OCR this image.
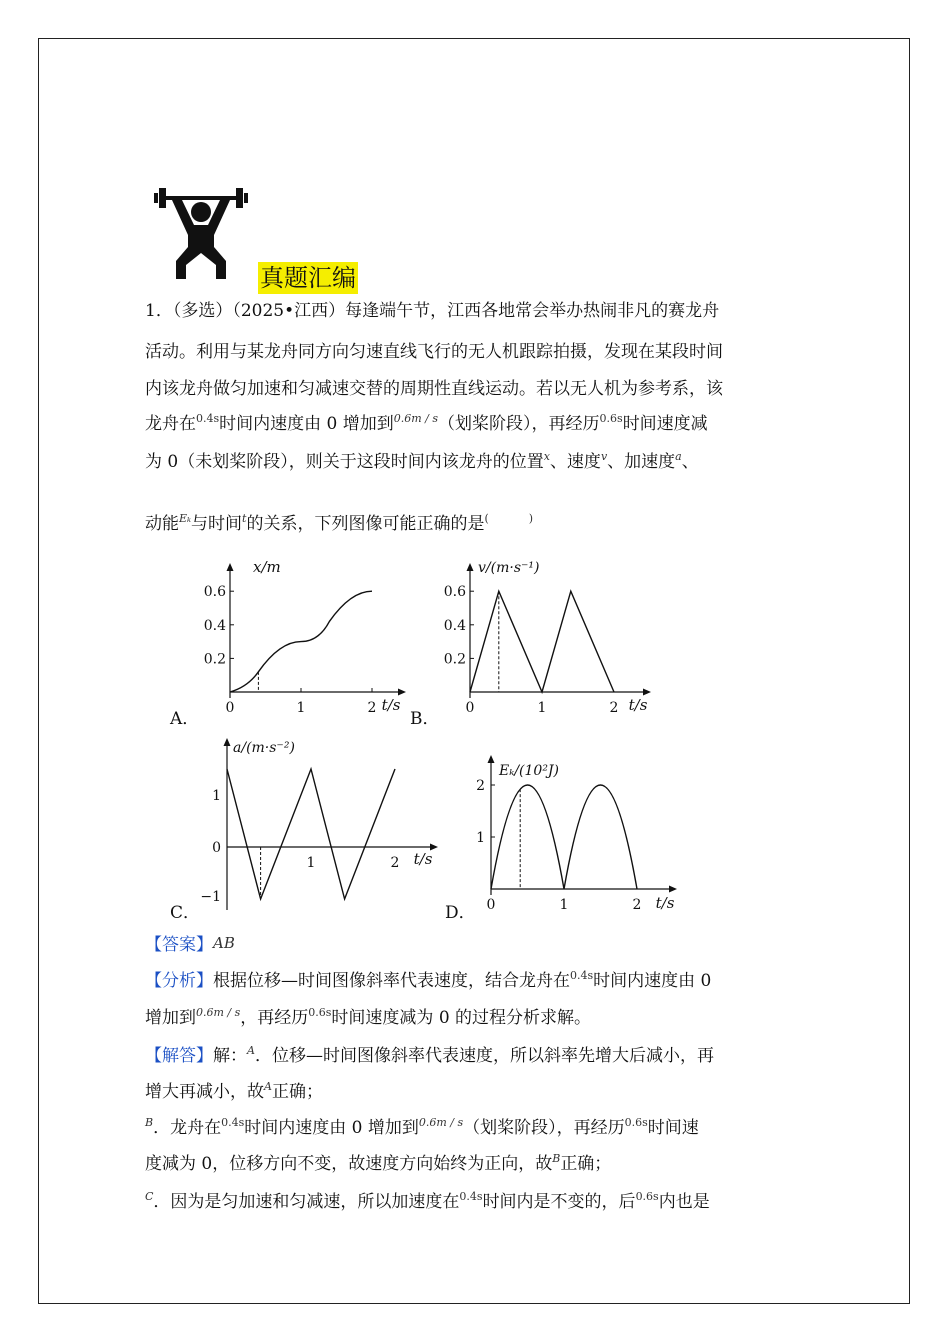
真题汇编
1．（多选）（2025•江西）每逢端午节，江西各地常会举办热闹非凡的赛龙舟
活动。利用与某龙舟同方向匀速直线飞行的无人机跟踪拍摄，发现在某段时间
内该龙舟做匀加速和匀减速交替的周期性直线运动。若以无人机为参考系，该
龙舟在$^{0.4s}$时间内速度由 0 增加到$^{0.6m / s}$（划桨阶段），再经历$^{0.6s}$时间速度减
为 0（未划桨阶段），则关于这段时间内该龙舟的位置$^x$、速度$^v$、加速度$^a$、
动能$^{E_k}$与时间$^t$的关系，下列图像可能正确的是(	)
0.2
0.4
0.6
0	1	2
x/m
t/s
0.2
0.4
0.6
0	1	2
v/(m·s⁻¹)
t/s
1
0
−1
1	2
a/(m·s⁻²)
t/s
2
1
0	1	2
Eₖ/(10²J)
t/s
A．	B．
C．	D．
【答案】AB
【分析】根据位移—时间图像斜率代表速度，结合龙舟在$^{0.4s}$时间内速度由 0
增加到$^{0.6m / s}$，再经历$^{0.6s}$时间速度减为 0 的过程分析求解。
【解答】解：$^A$．位移—时间图像斜率代表速度，所以斜率先增大后减小，再
增大再减小，故$^A$正确；
$^B$．龙舟在$^{0.4s}$时间内速度由 0 增加到$^{0.6m / s}$（划桨阶段），再经历$^{0.6s}$时间速
度减为 0，位移方向不变，故速度方向始终为正向，故$^B$正确；
$^C$．因为是匀加速和匀减速，所以加速度在$^{0.4s}$时间内是不变的，后$^{0.6s}$内也是
